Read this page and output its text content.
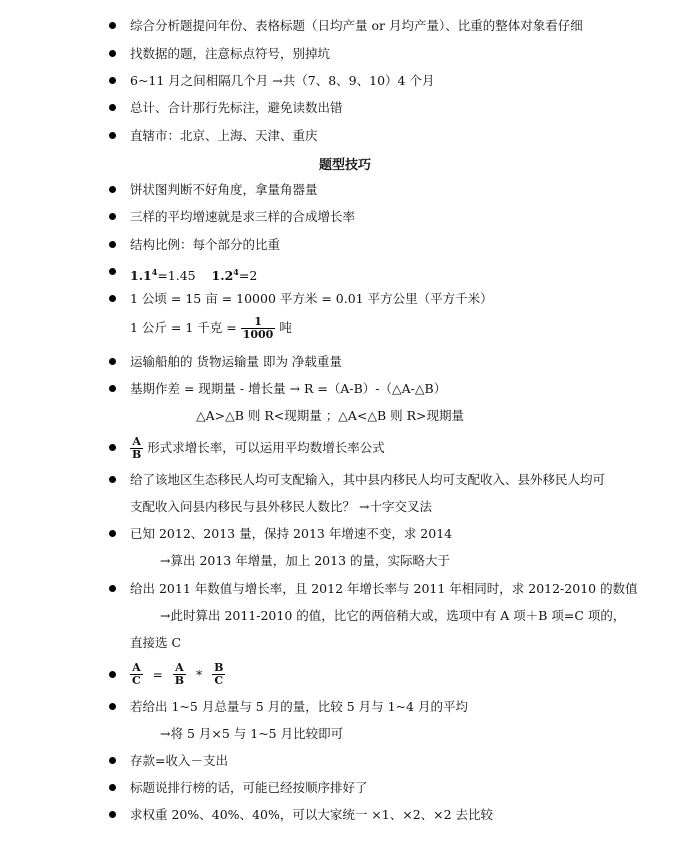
综合分析题提问年份、表格标题（日均产量 or 月均产量）、比重的整体对象看仔细
找数据的题，注意标点符号，别掉坑
6~11 月之间相隔几个月 →共（7、8、9、10）4 个月
总计、合计那行先标注，避免读数出错
直辖市：北京、上海、天津、重庆
题型技巧
饼状图判断不好角度，拿量角器量
三样的平均增速就是求三样的合成增长率
结构比例：每个部分的比重
$1.1^4=1.45$ $1.2^4=2$
1 公顷 = 15 亩 = 10000 平方米 = 0.01 平方公里（平方千米）
1 公斤 = 1 千克 = $\frac{1}{1000}$ 吨
运输船舶的 货物运输量 即为 净载重量
基期作差 = 现期量 - 增长量 → R =（A-B）-（△A-△B）
△A>△B 则 R<现期量 ；△A<△B 则 R>现期量
$\frac{A}{B}$ 形式求增长率，可以运用平均数增长率公式
给了该地区生态移民人均可支配输入，其中县内移民人均可支配收入、县外移民人均可
支配收入问县内移民与县外移民人数比？ →十字交叉法
已知 2012、2013 量，保持 2013 年增速不变，求 2014
→算出 2013 年增量，加上 2013 的量，实际略大于
给出 2011 年数值与增长率，且 2012 年增长率与 2011 年相同时，求 2012-2010 的数值
→此时算出 2011-2010 的值，比它的两倍稍大或，选项中有 A 项＋B 项=C 项的，
直接选 C
$\frac{A}{C} = \frac{A}{B} * \frac{B}{C}$
若给出 1~5 月总量与 5 月的量，比较 5 月与 1~4 月的平均
→将 5 月×5 与 1~5 月比较即可
存款=收入－支出
标题说排行榜的话，可能已经按顺序排好了
求权重 20%、40%、40%，可以大家统一 ×1、×2、×2 去比较
